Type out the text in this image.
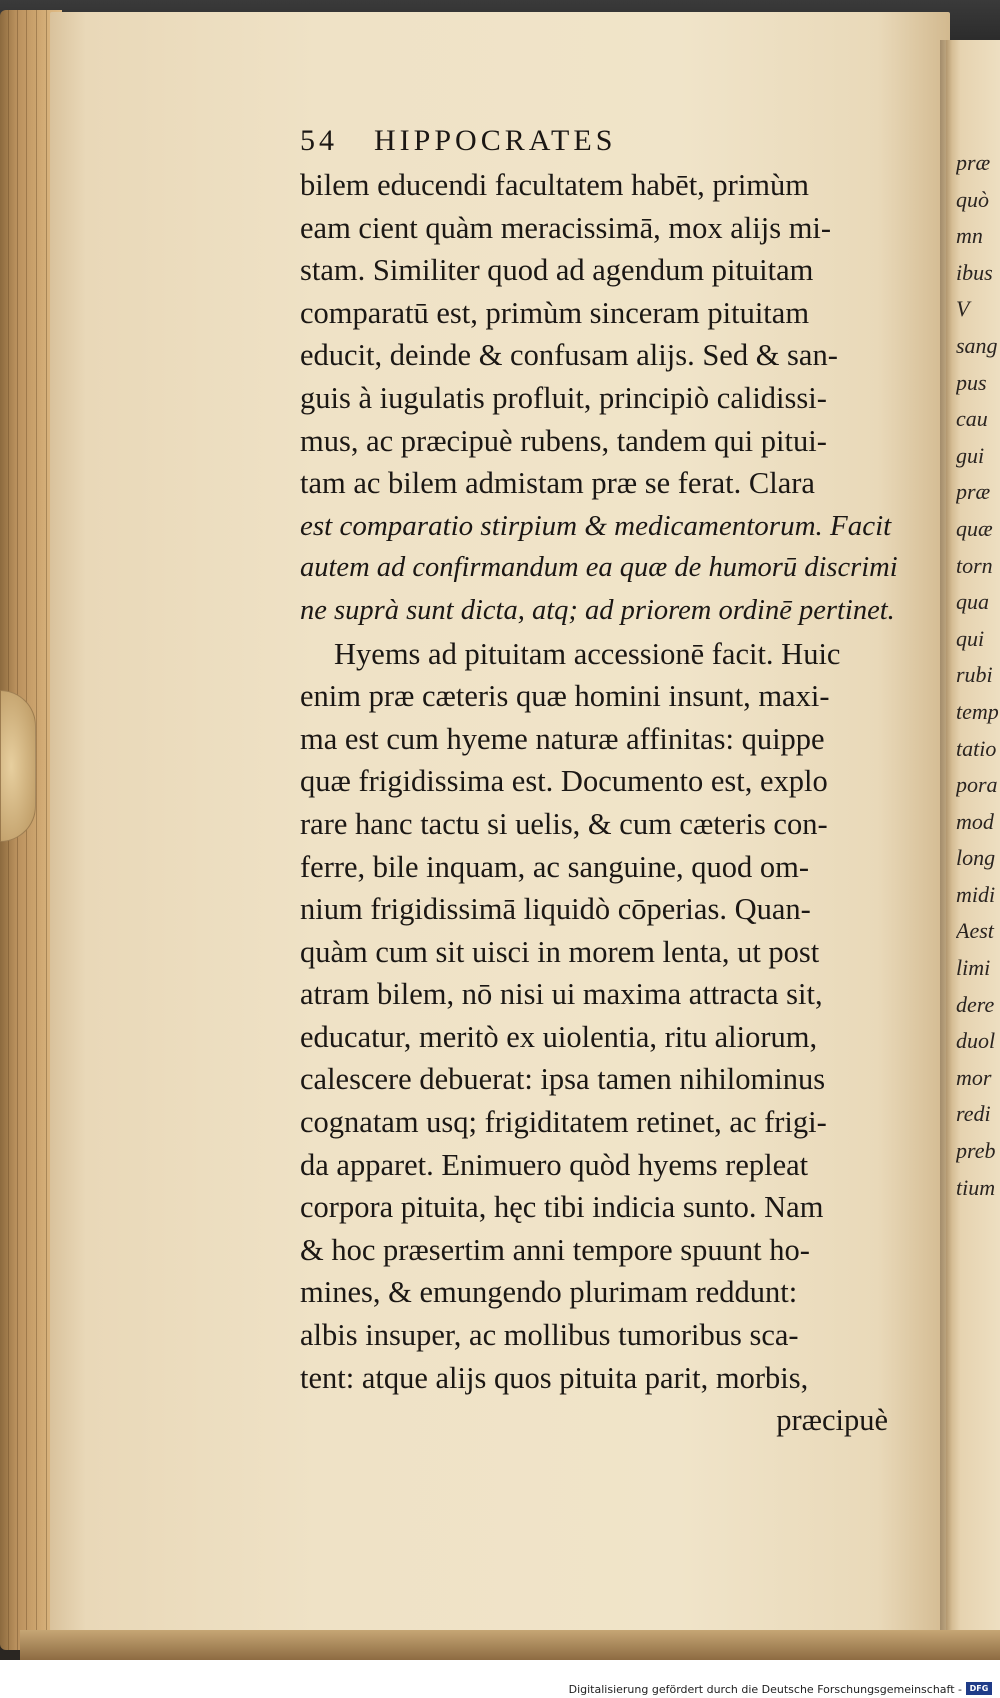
54 HIPPOCRATES
bilem educendi facultatem habēt, primùm
eam cient quàm meracissimā, mox alijs mi-
stam. Similiter quod ad agendum pituitam
comparatū est, primùm sinceram pituitam
educit, deinde & confusam alijs. Sed & san-
guis à iugulatis profluit, principiò calidissi-
mus, ac præcipuè rubens, tandem qui pitui-
tam ac bilem admistam præ se ferat. Clara
est comparatio stirpium & medicamentorum. Facit
autem ad confirmandum ea quæ de humorū discrimi
ne suprà sunt dicta, atq; ad priorem ordinē pertinet.
Hyems ad pituitam accessionē facit. Huic
enim præ cæteris quæ homini insunt, maxi-
ma est cum hyeme naturæ affinitas: quippe
quæ frigidissima est. Documento est, explo
rare hanc tactu si uelis, & cum cæteris con-
ferre, bile inquam, ac sanguine, quod om-
nium frigidissimā liquidò cōperias. Quan-
quàm cum sit uisci in morem lenta, ut post
atram bilem, nō nisi ui maxima attracta sit,
educatur, meritò ex uiolentia, ritu aliorum,
calescere debuerat: ipsa tamen nihilominus
cognatam usq; frigiditatem retinet, ac frigi-
da apparet. Enimuero quòd hyems repleat
corpora pituita, hęc tibi indicia sunto. Nam
& hoc præsertim anni tempore spuunt ho-
mines, & emungendo plurimam reddunt:
albis insuper, ac mollibus tumoribus sca-
tent: atque alijs quos pituita parit, morbis,
præcipuè
præ
quò
mn
ibus
V
sang
pus
cau
gui
præ
quæ
torn
qua
qui
rubi
temp
tatio
pora
mod
long
midi
Aest
limi
dere
duol
mor
redi
preb
tium
Digitalisierung gefördert durch die Deutsche Forschungsgemeinschaft - DFG
